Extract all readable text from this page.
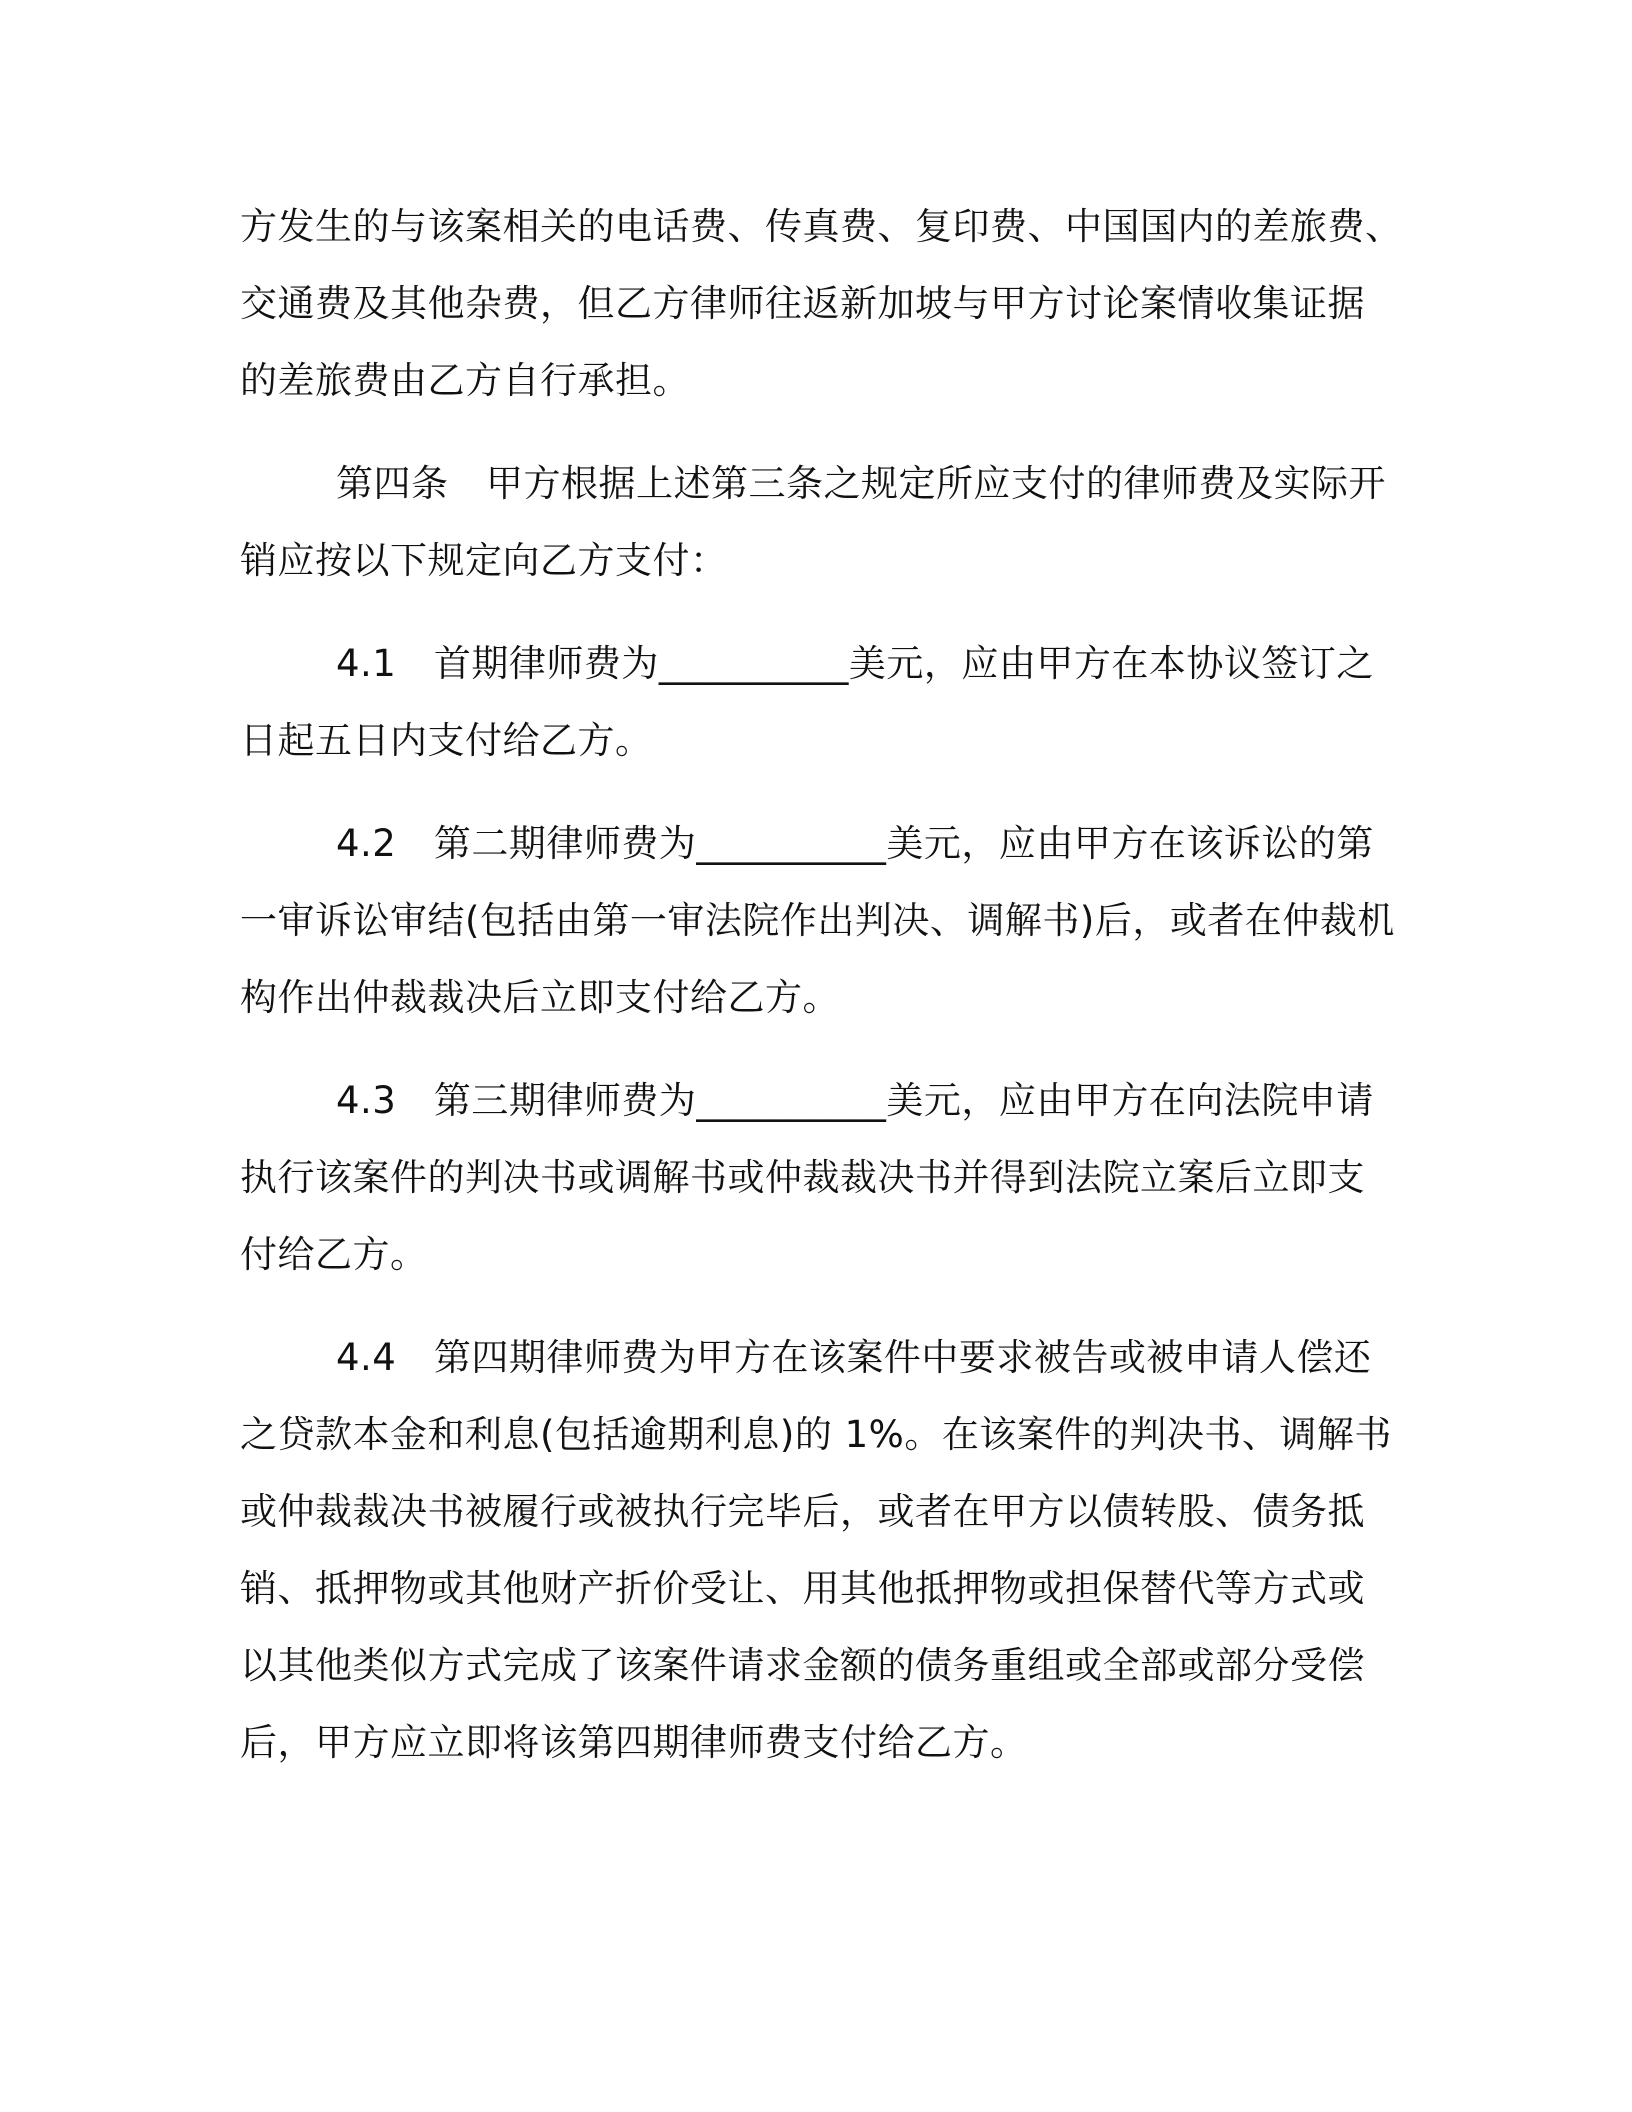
方发生的与该案相关的电话费、传真费、复印费、中国国内的差旅费、
交通费及其他杂费，但乙方律师往返新加坡与甲方讨论案情收集证据
的差旅费由乙方自行承担。
第四条　甲方根据上述第三条之规定所应支付的律师费及实际开
销应按以下规定向乙方支付：
4.1　首期律师费为__________美元，应由甲方在本协议签订之
日起五日内支付给乙方。
4.2　第二期律师费为__________美元，应由甲方在该诉讼的第
一审诉讼审结(包括由第一审法院作出判决、调解书)后，或者在仲裁机
构作出仲裁裁决后立即支付给乙方。
4.3　第三期律师费为__________美元，应由甲方在向法院申请
执行该案件的判决书或调解书或仲裁裁决书并得到法院立案后立即支
付给乙方。
4.4　第四期律师费为甲方在该案件中要求被告或被申请人偿还
之贷款本金和利息(包括逾期利息)的 1%。在该案件的判决书、调解书
或仲裁裁决书被履行或被执行完毕后，或者在甲方以债转股、债务抵
销、抵押物或其他财产折价受让、用其他抵押物或担保替代等方式或
以其他类似方式完成了该案件请求金额的债务重组或全部或部分受偿
后，甲方应立即将该第四期律师费支付给乙方。
